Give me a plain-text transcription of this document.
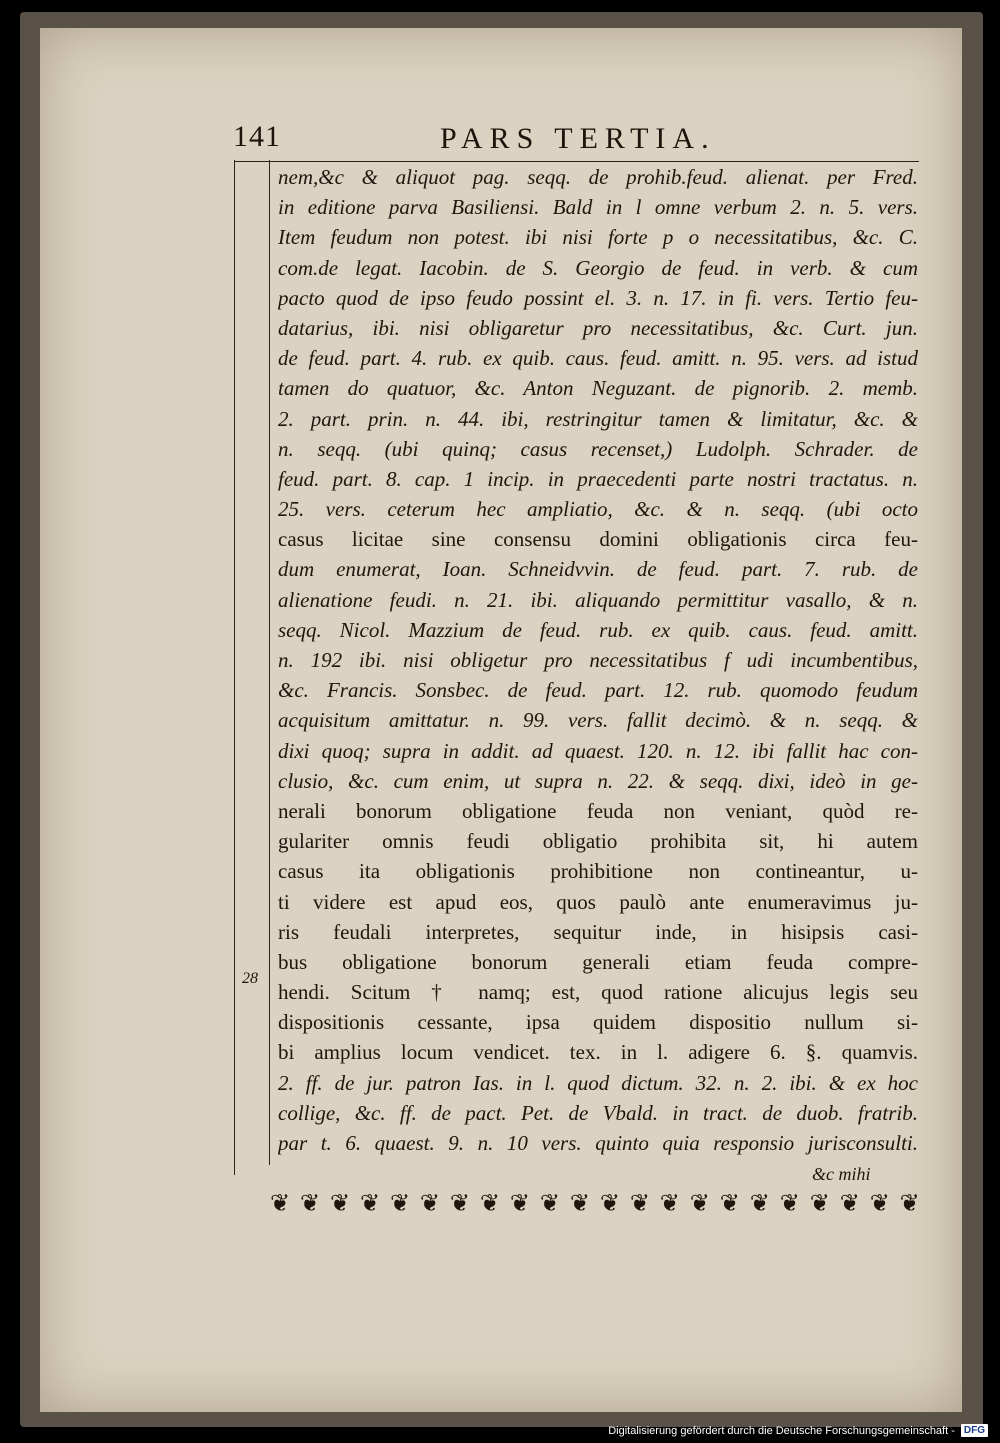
141	PARS TERTIA.
28
nem,&c & aliquot pag. seqq. de prohib.feud. alienat. per Fred.
in editione parva Basiliensi. Bald in l omne verbum 2. n. 5. vers.
Item feudum non potest. ibi nisi forte p o necessitatibus, &c. C.
com.de legat. Iacobin. de S. Georgio de feud. in verb. & cum
pacto quod de ipso feudo possint el. 3. n. 17. in fi. vers. Tertio feu-
datarius, ibi. nisi obligaretur pro necessitatibus, &c. Curt. jun.
de feud. part. 4. rub. ex quib. caus. feud. amitt. n. 95. vers. ad istud
tamen do quatuor, &c. Anton Neguzant. de pignorib. 2. memb.
2. part. prin. n. 44. ibi, restringitur tamen & limitatur, &c. &
n. seqq. (ubi quinq; casus recenset,) Ludolph. Schrader. de
feud. part. 8. cap. 1 incip. in praecedenti parte nostri tractatus. n.
25. vers. ceterum hec ampliatio, &c. & n. seqq. (ubi octo
casus licitae sine consensu domini obligationis circa feu-
dum enumerat, Ioan. Schneidvvin. de feud. part. 7. rub. de
alienatione feudi. n. 21. ibi. aliquando permittitur vasallo, & n.
seqq. Nicol. Mazzium de feud. rub. ex quib. caus. feud. amitt.
n. 192 ibi. nisi obligetur pro necessitatibus f udi incumbentibus,
&c. Francis. Sonsbec. de feud. part. 12. rub. quomodo feudum
acquisitum amittatur. n. 99. vers. fallit decimò. & n. seqq. &
dixi quoq; supra in addit. ad quaest. 120. n. 12. ibi fallit hac con-
clusio, &c. cum enim, ut supra n. 22. & seqq. dixi, ideò in ge-
nerali bonorum obligatione feuda non veniant, quòd re-
gulariter omnis feudi obligatio prohibita sit, hi autem
casus ita obligationis prohibitione non contineantur, u-
ti videre est apud eos, quos paulò ante enumeravimus ju-
ris feudali interpretes, sequitur inde, in hisipsis casi-
bus obligatione bonorum generali etiam feuda compre-
hendi. Scitum † namq; est, quod ratione alicujus legis seu
dispositionis cessante, ipsa quidem dispositio nullum si-
bi amplius locum vendicet. tex. in l. adigere 6. §. quamvis.
2. ff. de jur. patron Ias. in l. quod dictum. 32. n. 2. ibi. & ex hoc
collige, &c. ff. de pact. Pet. de Vbald. in tract. de duob. fratrib.
par t. 6. quaest. 9. n. 10 vers. quinto quia responsio jurisconsulti.
&c mihi
❦ ❦ ❦ ❦ ❦ ❦ ❦ ❦ ❦ ❦ ❦ ❦ ❦ ❦ ❦ ❦ ❦ ❦ ❦ ❦ ❦ ❦
Digitalisierung gefördert durch die Deutsche Forschungsgemeinschaft - DFG
